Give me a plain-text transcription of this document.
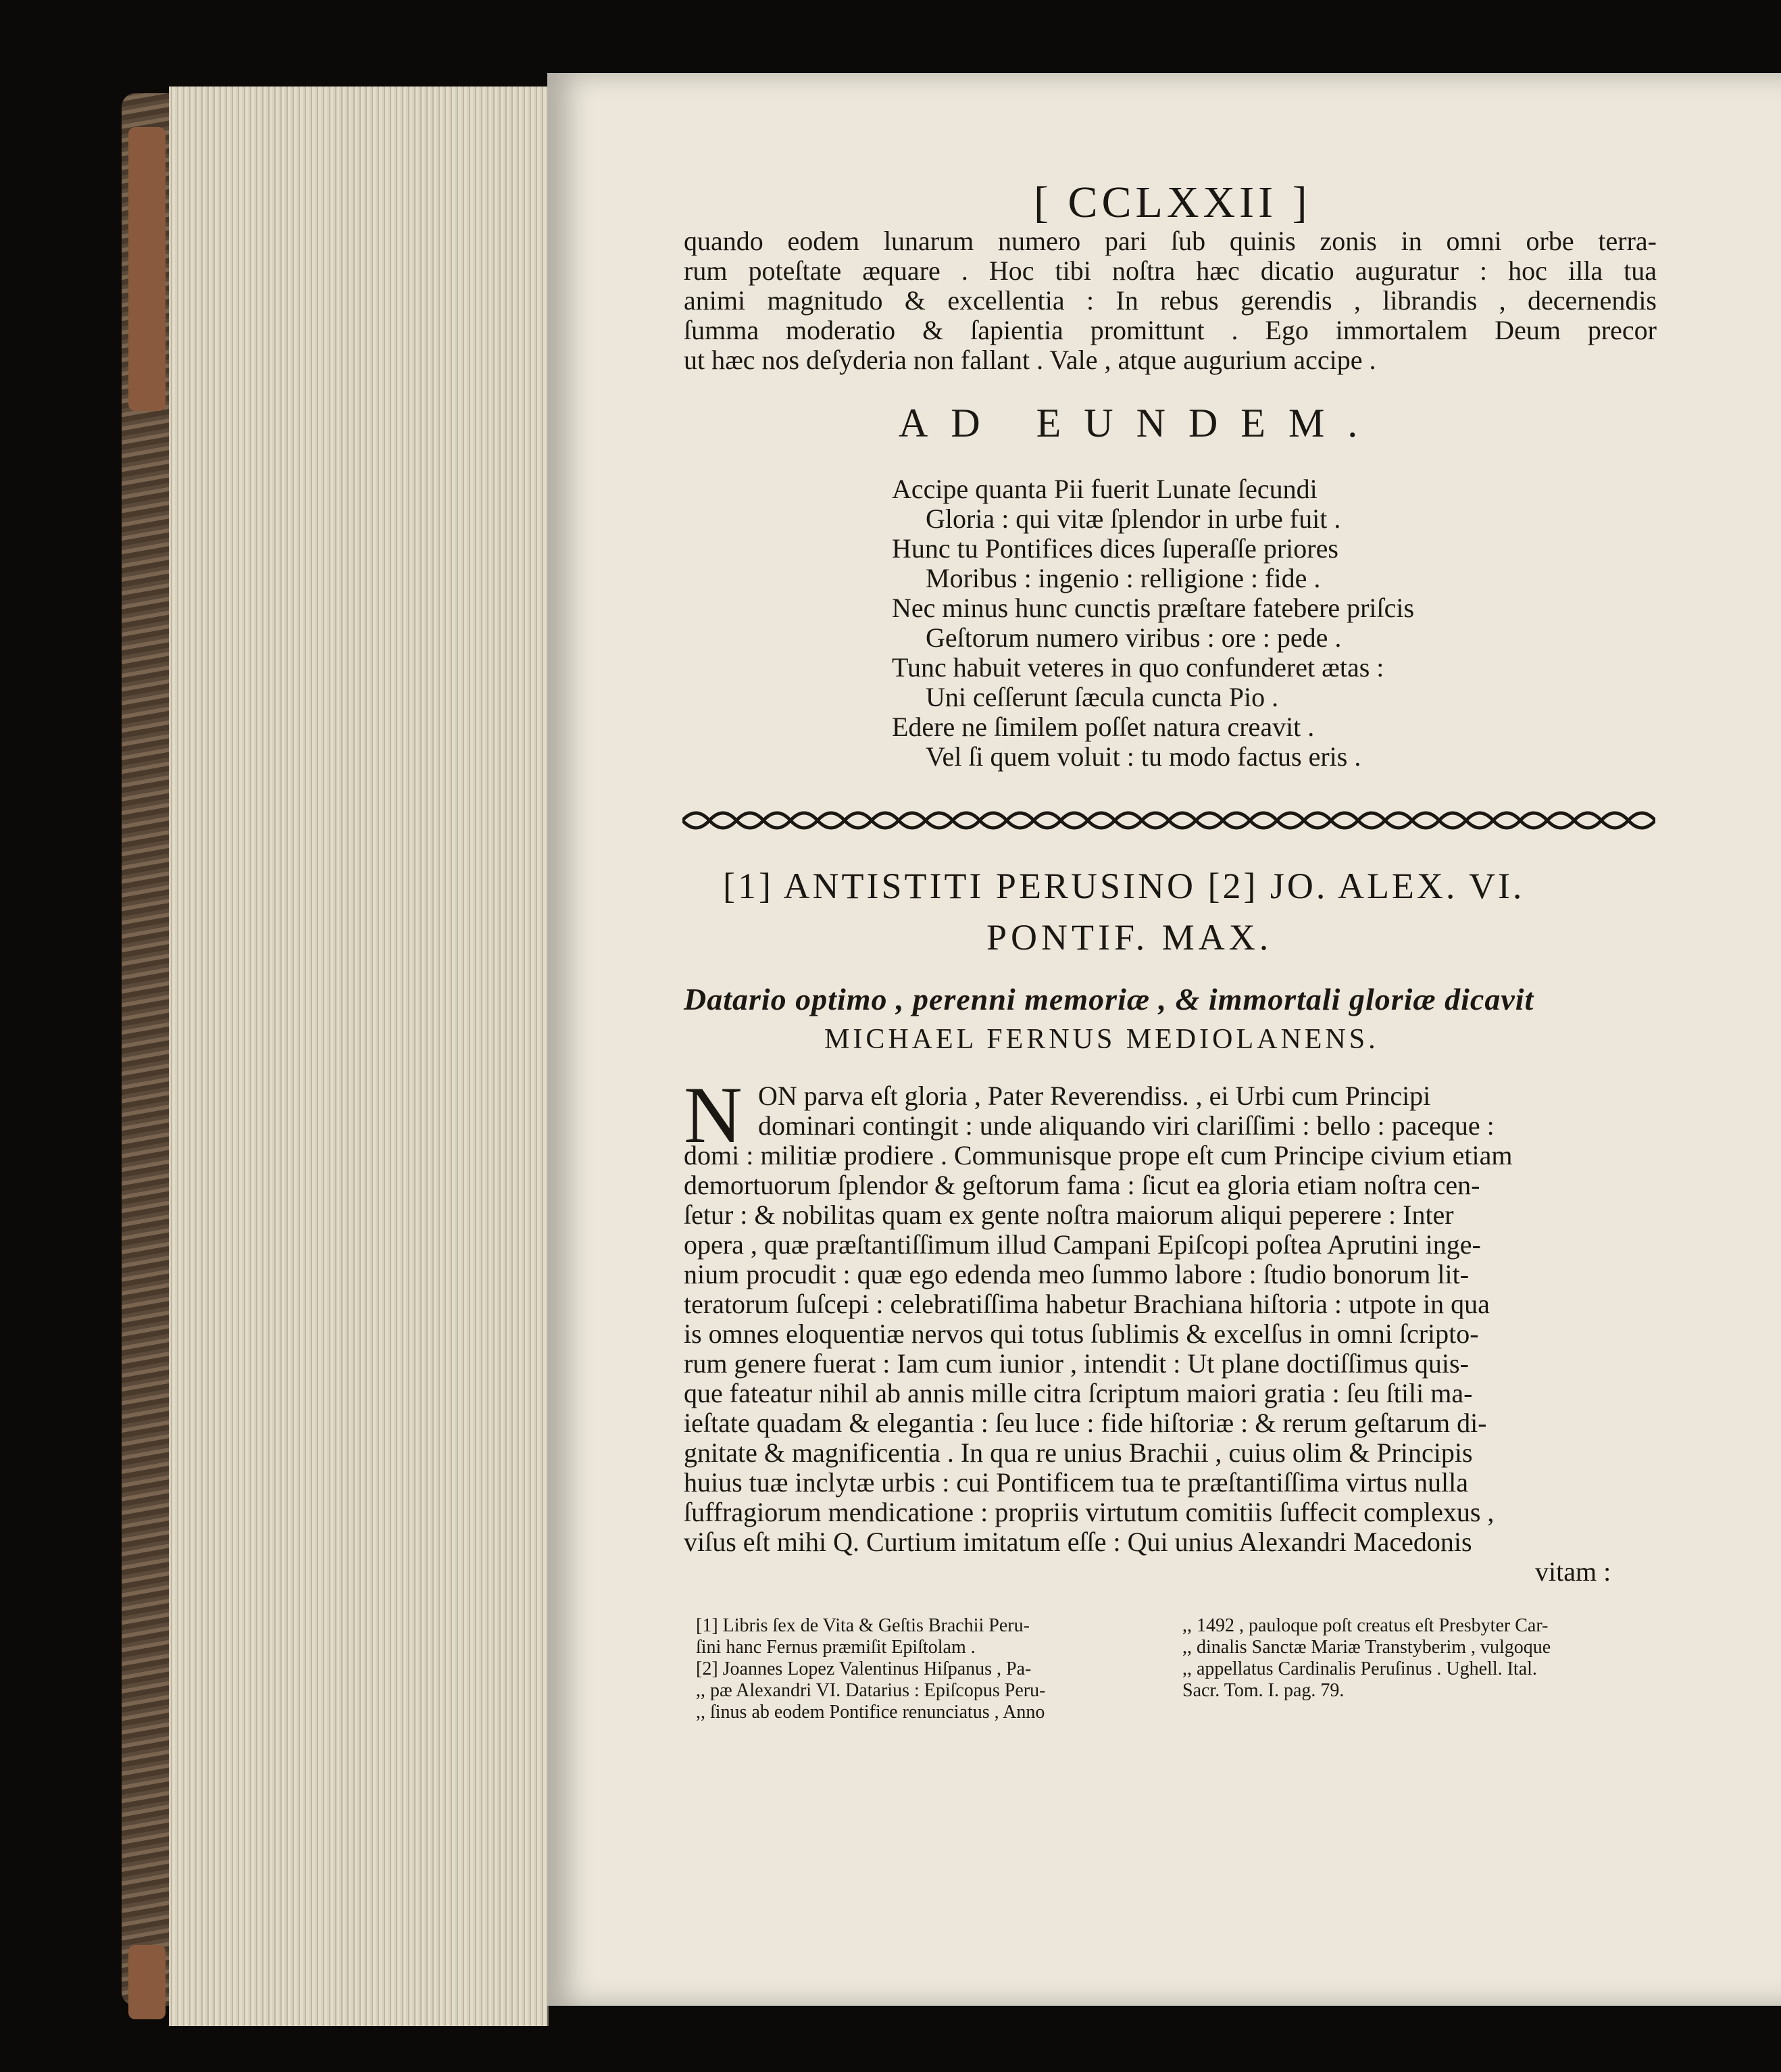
[ CCLXXII ]
quando eodem lunarum numero pari ſub quinis zonis in omni orbe terra-
rum poteſtate æquare . Hoc tibi noſtra hæc dicatio auguratur : hoc illa tua
animi magnitudo & excellentia : In rebus gerendis , librandis , decernendis
ſumma moderatio & ſapientia promittunt . Ego immortalem Deum precor
ut hæc nos deſyderia non fallant . Vale , atque augurium accipe .
AD EUNDEM.
Accipe quanta Pii fuerit Lunate ſecundi
Gloria : qui vitæ ſplendor in urbe fuit .
Hunc tu Pontifices dices ſuperaſſe priores
Moribus : ingenio : relligione : fide .
Nec minus hunc cunctis præſtare fatebere priſcis
Geſtorum numero viribus : ore : pede .
Tunc habuit veteres in quo confunderet ætas :
Uni ceſſerunt ſæcula cuncta Pio .
Edere ne ſimilem poſſet natura creavit .
Vel ſi quem voluit : tu modo factus eris .
[1] ANTISTITI PERUSINO [2] JO. ALEX. VI.
PONTIF. MAX.
Datario optimo , perenni memoriæ , & immortali gloriæ dicavit
MICHAEL FERNUS MEDIOLANENS.
N ON parva eſt gloria , Pater Reverendiss. , ei Urbi cum Principi
dominari contingit : unde aliquando viri clariſſimi : bello : paceque :
domi : militiæ prodiere . Communisque prope eſt cum Principe civium etiam
demortuorum ſplendor & geſtorum fama : ſicut ea gloria etiam noſtra cen-
ſetur : & nobilitas quam ex gente noſtra maiorum aliqui peperere : Inter
opera , quæ præſtantiſſimum illud Campani Epiſcopi poſtea Aprutini inge-
nium procudit : quæ ego edenda meo ſummo labore : ſtudio bonorum lit-
teratorum ſuſcepi : celebratiſſima habetur Brachiana hiſtoria : utpote in qua
is omnes eloquentiæ nervos qui totus ſublimis & excelſus in omni ſcripto-
rum genere fuerat : Iam cum iunior , intendit : Ut plane doctiſſimus quis-
que fateatur nihil ab annis mille citra ſcriptum maiori gratia : ſeu ſtili ma-
ieſtate quadam & elegantia : ſeu luce : fide hiſtoriæ : & rerum geſtarum di-
gnitate & magnificentia . In qua re unius Brachii , cuius olim & Principis
huius tuæ inclytæ urbis : cui Pontificem tua te præſtantiſſima virtus nulla
ſuffragiorum mendicatione : propriis virtutum comitiis ſuffecit complexus ,
viſus eſt mihi Q. Curtium imitatum eſſe : Qui unius Alexandri Macedonis
vitam :
[1] Libris ſex de Vita & Geſtis Brachii Peru-
ſini hanc Fernus præmiſit Epiſtolam .
[2] Joannes Lopez Valentinus Hiſpanus , Pa-
,, pæ Alexandri VI. Datarius : Epiſcopus Peru-
,, ſinus ab eodem Pontifice renunciatus , Anno
,, 1492 , pauloque poſt creatus eſt Presbyter Car-
,, dinalis Sanctæ Mariæ Transtyberim , vulgoque
,, appellatus Cardinalis Peruſinus . Ughell. Ital.
Sacr. Tom. I. pag. 79.
